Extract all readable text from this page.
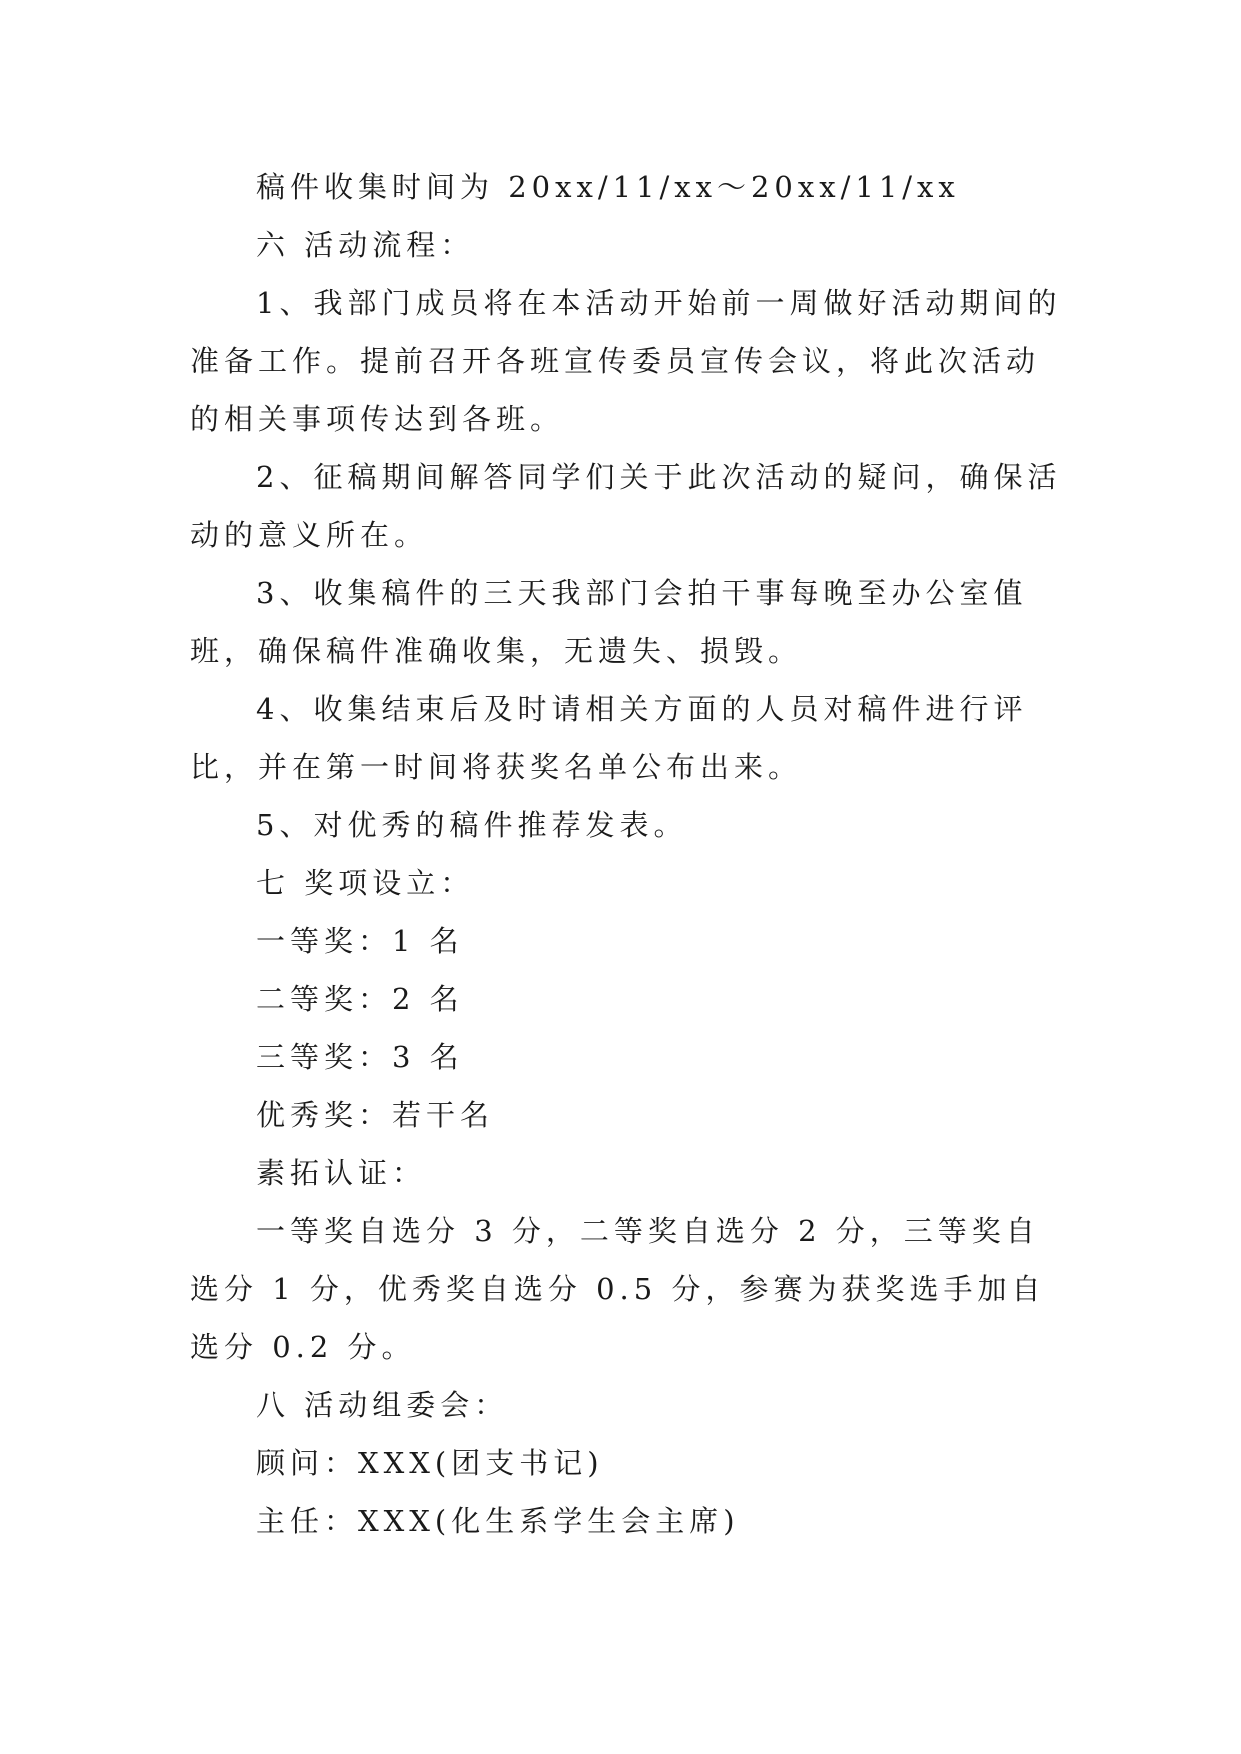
稿件收集时间为 20xx/11/xx～20xx/11/xx

六 活动流程：

1、我部门成员将在本活动开始前一周做好活动期间的准备工作。提前召开各班宣传委员宣传会议，将此次活动的相关事项传达到各班。

2、征稿期间解答同学们关于此次活动的疑问，确保活动的意义所在。

3、收集稿件的三天我部门会拍干事每晚至办公室值班，确保稿件准确收集，无遗失、损毁。

4、收集结束后及时请相关方面的人员对稿件进行评比，并在第一时间将获奖名单公布出来。

5、对优秀的稿件推荐发表。

七 奖项设立：

一等奖：1 名

二等奖：2 名

三等奖：3 名

优秀奖：若干名

素拓认证：

一等奖自选分 3 分，二等奖自选分 2 分，三等奖自选分 1 分，优秀奖自选分 0.5 分，参赛为获奖选手加自选分 0.2 分。

八 活动组委会：

顾问：XXX(团支书记)

主任：XXX(化生系学生会主席)
